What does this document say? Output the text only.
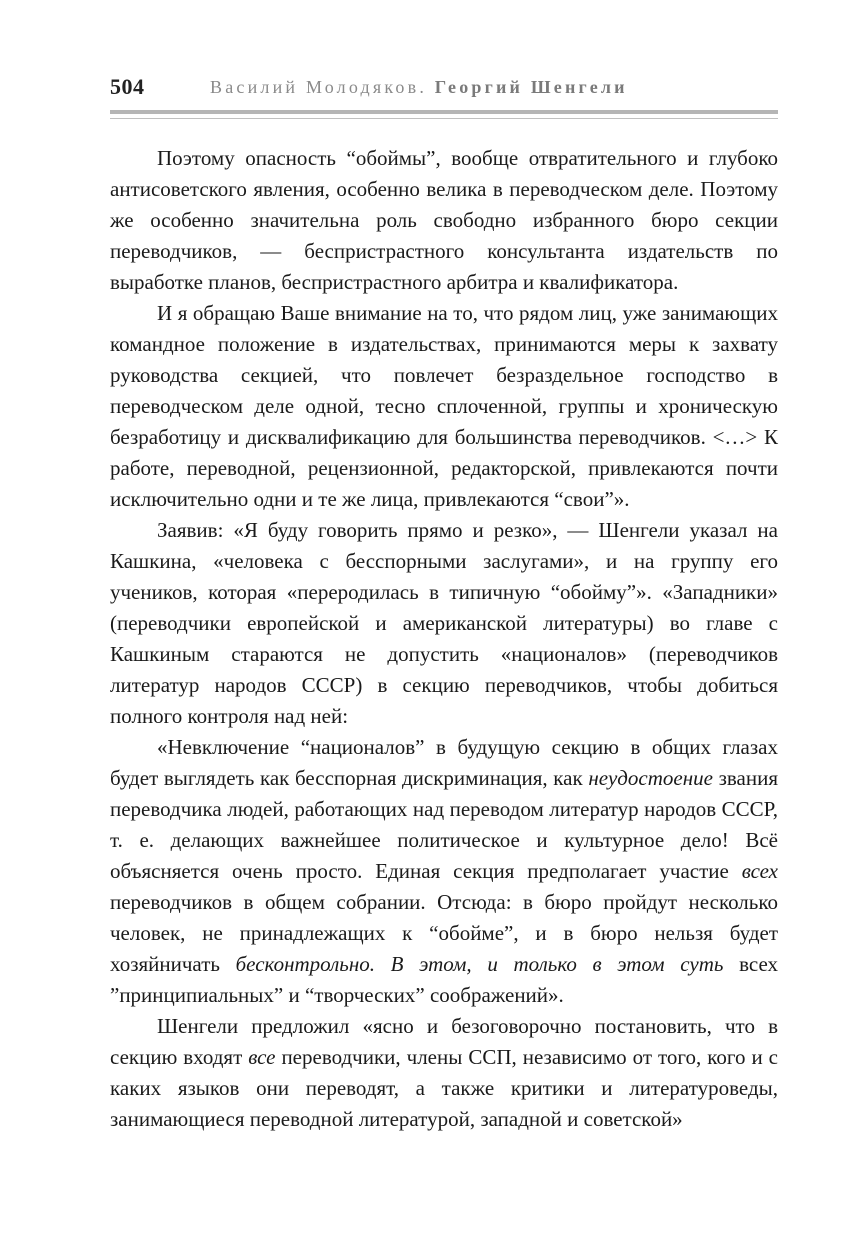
504	Василий Молодяков. Георгий Шенгели

Поэтому опасность “обоймы”, вообще отвратительного и глубоко антисоветского явления, особенно велика в переводческом деле. Поэтому же особенно значительна роль свободно избранного бюро секции переводчиков, — беспристрастного консультанта издательств по выработке планов, беспристрастного арбитра и квалификатора.

И я обращаю Ваше внимание на то, что рядом лиц, уже занимающих командное положение в издательствах, принимаются меры к захвату руководства секцией, что повлечет безраздельное господство в переводческом деле одной, тесно сплоченной, группы и хроническую безработицу и дисквалификацию для большинства переводчиков. <…> К работе, переводной, рецензионной, редакторской, привлекаются почти исключительно одни и те же лица, привлекаются “свои”».

Заявив: «Я буду говорить прямо и резко», — Шенгели указал на Кашкина, «человека с бесспорными заслугами», и на группу его учеников, которая «переродилась в типичную “обойму”». «Западники» (переводчики европейской и американской литературы) во главе с Кашкиным стараются не допустить «националов» (переводчиков литератур народов СССР) в секцию переводчиков, чтобы добиться полного контроля над ней:

«Невключение “националов” в будущую секцию в общих глазах будет выглядеть как бесспорная дискриминация, как неудостоение звания переводчика людей, работающих над переводом литератур народов СССР, т. е. делающих важнейшее политическое и культурное дело! Всё объясняется очень просто. Единая секция предполагает участие всех переводчиков в общем собрании. Отсюда: в бюро пройдут несколько человек, не принадлежащих к “обойме”, и в бюро нельзя будет хозяйничать бесконтрольно. В этом, и только в этом суть всех ”принципиальных” и “творческих” соображений».

Шенгели предложил «ясно и безоговорочно постановить, что в секцию входят все переводчики, члены ССП, независимо от того, кого и с каких языков они переводят, а также критики и литературоведы, занимающиеся переводной литературой, западной и советской»
